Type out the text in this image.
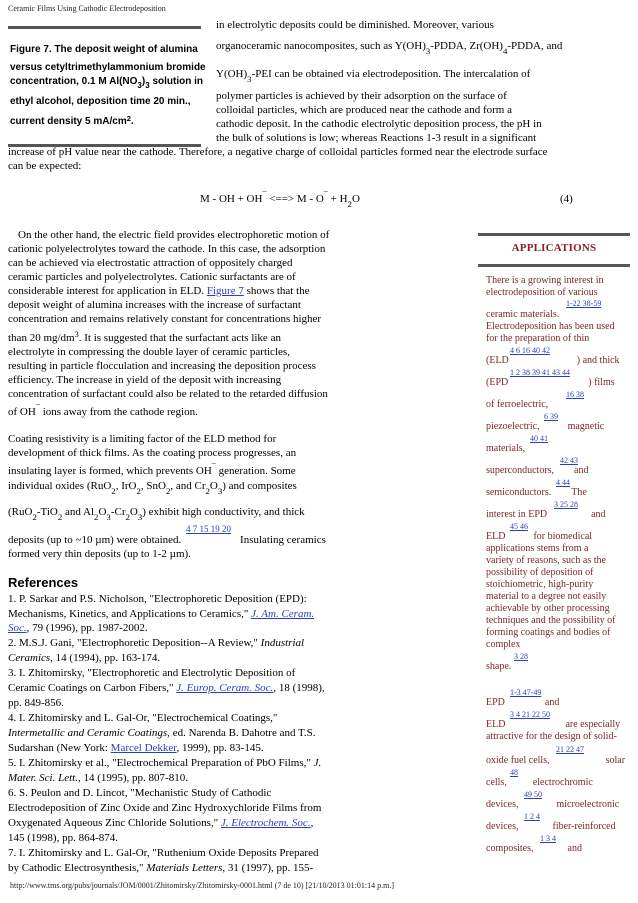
Ceramic Films Using Cathodic Electrodeposition
Figure 7. The deposit weight of alumina
versus cetyltrimethylammonium bromide
concentration, 0.1 M $Al(NO_3)_3$ solution in
ethyl alcohol, deposition time 20 min.,
current density 5 $mA/cm^2$.
in electrolytic deposits could be diminished. Moreover, various
organoceramic nanocomposites, such as $Y(OH)_3$-PDDA, $Zr(OH)_4$-PDDA, and
$Y(OH)_3$-PEI can be obtained via electrodeposition. The intercalation of
polymer particles is achieved by their adsorption on the surface of
colloidal particles, which are produced near the cathode and form a
cathodic deposit. In the cathodic electrolytic deposition process, the pH in
the bulk of solutions is low; whereas Reactions 1-3 result in a significant
increase of pH value near the cathode. Therefore, a negative charge of colloidal particles formed near the electrode surface
can be expected:
M - OH + OH¯ <==> $M - O^¯ + H_2O$	(4)
On the other hand, the electric field provides electrophoretic motion of
cationic polyelectrolytes toward the cathode. In this case, the adsorption
can be achieved via electrostatic attraction of oppositely charged
ceramic particles and polyelectrolytes. Cationic surfactants are of
considerable interest for application in ELD. Figure 7 shows that the
deposit weight of alumina increases with the increase of surfactant
concentration and remains relatively constant for concentrations higher
than 20 $mg/dm^3$. It is suggested that the surfactant acts like an
electrolyte in compressing the double layer of ceramic particles,
resulting in particle flocculation and increasing the deposition process
efficiency. The increase in yield of the deposit with increasing
concentration of surfactant could also be related to the retarded diffusion
of OH¯ ions away from the cathode region.
Coating resistivity is a limiting factor of the ELD method for
development of thick films. As the coating process progresses, an
insulating layer is formed, which prevents OH¯ generation. Some
individual oxides (RuO$_2$, IrO$_2$, SnO$_2$, and $Cr_2O_3$) and composites
(RuO$_2$-TiO$_2$ and $Al_2O_3-Cr_2O_3$) exhibit high conductivity, and thick
4 7 15 19 20
deposits (up to ~10 µm) were obtained.	Insulating ceramics
formed very thin deposits (up to 1-2 µm).
References
1. P. Sarkar and P.S. Nicholson, "Electrophoretic Deposition (EPD):
Mechanisms, Kinetics, and Applications to Ceramics," J. Am. Ceram.
Soc., 79 (1996), pp. 1987-2002.
2. M.S.J. Gani, "Electrophoretic Deposition--A Review," Industrial
Ceramics, 14 (1994), pp. 163-174.
3. I. Zhitomirsky, "Electrophoretic and Electrolytic Deposition of
Ceramic Coatings on Carbon Fibers," J. Europ. Ceram. Soc., 18 (1998),
pp. 849-856.
4. I. Zhitomirsky and L. Gal-Or, "Electrochemical Coatings,"
Intermetallic and Ceramic Coatings, ed. Narenda B. Dahotre and T.S.
Sudarshan (New York: Marcel Dekker, 1999), pp. 83-145.
5. I. Zhitomirsky et al., "Electrochemical Preparation of PbO Films," J.
Mater. Sci. Lett., 14 (1995), pp. 807-810.
6. S. Peulon and D. Lincot, "Mechanistic Study of Cathodic
Electrodeposition of Zinc Oxide and Zinc Hydroxychloride Films from
Oxygenated Aqueous Zinc Chloride Solutions," J. Electrochem. Soc.,
145 (1998), pp. 864-874.
7. I. Zhitomirsky and L. Gal-Or, "Ruthenium Oxide Deposits Prepared
by Cathodic Electrosynthesis," Materials Letters, 31 (1997), pp. 155-
APPLICATIONS
There is a growing interest in
electrodeposition of various
1-22 38-59
ceramic materials.
Electrodeposition has been used
for the preparation of thin
4 6 16 40 42
(ELD	) and thick
1 2 38 39 41 43 44
(EPD	) films
16 38
of ferroelectric,
6 39
piezoelectric,	magnetic
40 41
materials,
42 43
superconductors, and
4 44
semiconductors. The
3 25 28
interest in EPD	and
45 46
ELD	for biomedical
applications stems from a
variety of reasons, such as the
possibility of deposition of
stoichiometric, high-purity
material to a degree not easily
achievable by other processing
techniques and the possibility of
forming coatings and bodies of
complex
3 28
shape.
1-3 47-49
EPD	and
3 4 21 22 50
ELD	are especially
attractive for the design of solid-
21 22 47
oxide fuel cells,	solar
48
cells,	electrochromic
49 50
devices,	microelectronic
1 2 4
devices,	fiber-reinforced
1 3 4
composites,	and
http://www.tms.org/pubs/journals/JOM/0001/Zhitomirsky/Zhitomirsky-0001.html (7 de 10) [21/10/2013 01:01:14 p.m.]
